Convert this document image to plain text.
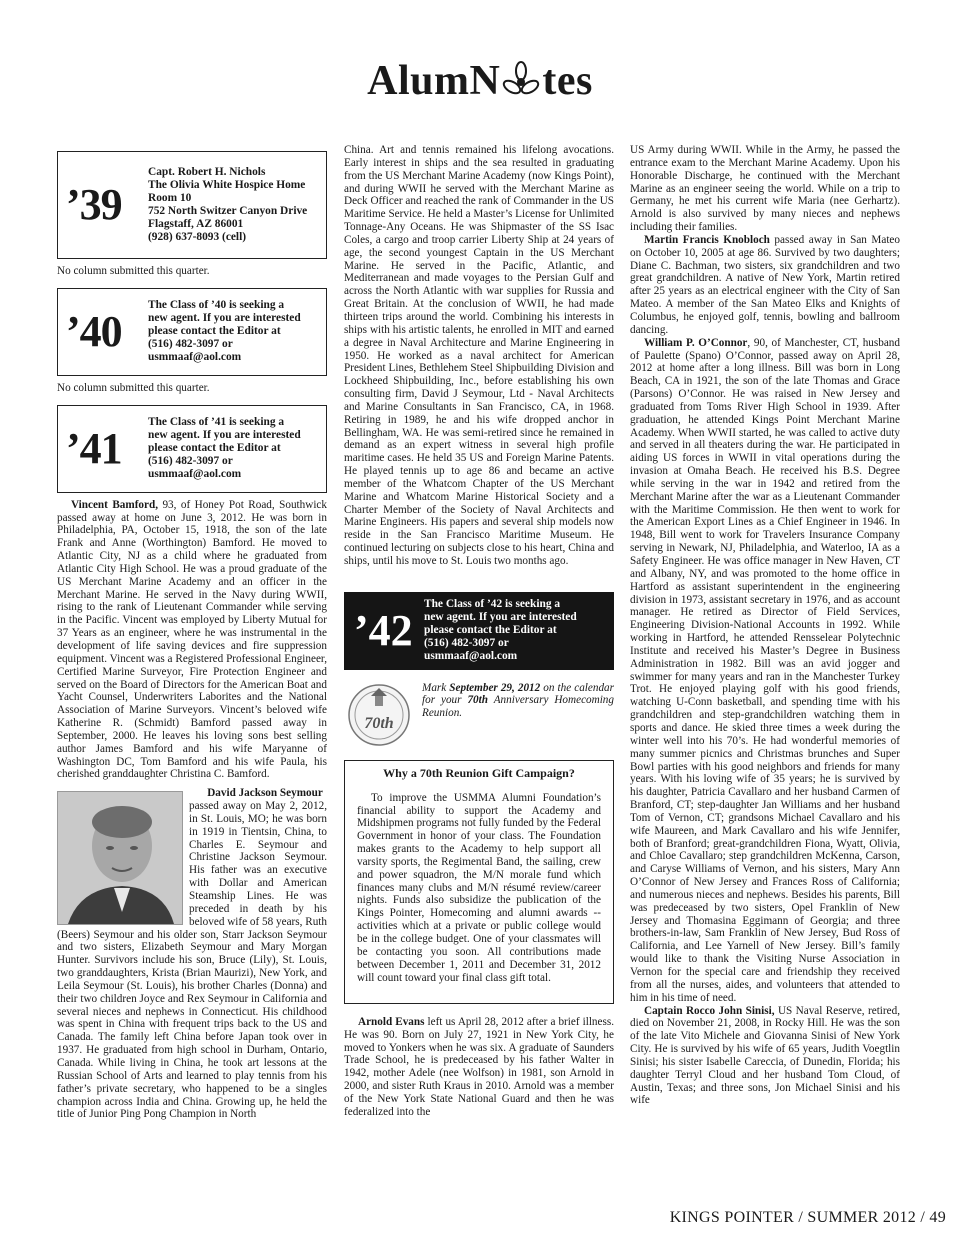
AlumN tes
’39
Capt. Robert H. Nichols
The Olivia White Hospice Home
Room 10
752 North Switzer Canyon Drive
Flagstaff, AZ 86001
(928) 637-8093 (cell)
No column submitted this quarter.
’40
The Class of ’40 is seeking a
new agent. If you are interested
please contact the Editor at
(516) 482-3097 or
usmmaaf@aol.com
No column submitted this quarter.
’41
The Class of ’41 is seeking a
new agent. If you are interested
please contact the Editor at
(516) 482-3097 or
usmmaaf@aol.com

Vincent Bamford, 93, of Honey Pot Road, Southwick passed away at home on June 3, 2012. He was born in Philadelphia, PA, October 15, 1918, the son of the late Frank and Anne (Worthington) Bamford. He moved to Atlantic City, NJ as a child where he graduated from Atlantic City High School. He was a proud graduate of the US Merchant Marine Academy and an officer in the Merchant Marine. He served in the Navy during WWII, rising to the rank of Lieutenant Commander while serving in the Pacific. Vincent was employed by Liberty Mutual for 37 Years as an engineer, where he was instrumental in the development of life saving devices and fire suppression equipment. Vincent was a Registered Professional Engineer, Certified Marine Surveyor, Fire Protection Engineer and served on the Board of Directors for the American Boat and Yacht Counsel, Underwriters Laborites and the National Association of Marine Surveyors. Vincent’s beloved wife Katherine R. (Schmidt) Bamford passed away in September, 2000. He leaves his loving sons best selling author James Bamford and his wife Maryanne of Washington DC, Tom Bamford and his wife Paula, his cherished granddaughter Christina C. Bamford.

David Jackson Seymour

passed away on May 2, 2012, in St. Louis, MO; he was born in 1919 in Tientsin, China, to Charles E. Seymour and Christine Jackson Seymour. His father was an executive with Dollar and American Steamship Lines. He was preceded in death by his beloved wife of 58 years, Ruth (Beers) Seymour and his older son, Starr Jackson Seymour and two sisters, Elizabeth Seymour and Mary Morgan Hunter. Survivors include his son, Bruce (Lily), St. Louis, two granddaughters, Krista (Brian Maurizi), New York, and Leila Seymour (St. Louis), his brother Charles (Donna) and their two children Joyce and Rex Seymour in California and several nieces and nephews in Connecticut. His childhood was spent in China with frequent trips back to the US and Canada. The family left China before Japan took over in 1937. He graduated from high school in Durham, Ontario, Canada. While living in China, he took art lessons at the Russian School of Arts and learned to play tennis from his father’s private secretary, who happened to be a singles champion across India and China. Growing up, he held the title of Junior Ping Pong Champion in North

China. Art and tennis remained his lifelong avocations. Early interest in ships and the sea resulted in graduating from the US Merchant Marine Academy (now Kings Point), and during WWII he served with the Merchant Marine as Deck Officer and reached the rank of Commander in the US Maritime Service. He held a Master’s License for Unlimited Tonnage-Any Oceans. He was Shipmaster of the SS Isac Coles, a cargo and troop carrier Liberty Ship at 24 years of age, the second youngest Captain in the US Merchant Marine. He served in the Pacific, Atlantic, and Mediterranean and made voyages to the Persian Gulf and across the North Atlantic with war supplies for Russia and Great Britain. At the conclusion of WWII, he had made thirteen trips around the world. Combining his interests in ships with his artistic talents, he enrolled in MIT and earned a degree in Naval Architecture and Marine Engineering in 1950. He worked as a naval architect for American President Lines, Bethlehem Steel Shipbuilding Division and Lockheed Shipbuilding, Inc., before establishing his own consulting firm, David J Seymour, Ltd - Naval Architects and Marine Consultants in San Francisco, CA, in 1968. Retiring in 1989, he and his wife dropped anchor in Bellingham, WA. He was semi-retired since he remained in demand as an expert witness in several high profile maritime cases. He held 35 US and Foreign Marine Patents. He played tennis up to age 86 and became an active member of the Whatcom Chapter of the US Merchant Marine and Whatcom Marine Historical Society and a Charter Member of the Society of Naval Architects and Marine Engineers. His papers and several ship models now reside in the San Francisco Maritime Museum. He continued lecturing on subjects close to his heart, China and ships, until his move to St. Louis two months ago.

’42
The Class of ’42 is seeking a
new agent. If you are interested
please contact the Editor at
(516) 482-3097 or
usmmaaf@aol.com
70th
Mark September 29, 2012 on the calendar for your 70th Anniversary Homecoming Reunion.
Why a 70th Reunion Gift Campaign?

To improve the USMMA Alumni Foundation’s financial ability to support the Academy and Midshipmen programs not fully funded by the Federal Government in honor of your class. The Foundation makes grants to the Academy to help support all varsity sports, the Regimental Band, the sailing, crew and power squadron, the M/N morale fund which finances many clubs and M/N résumé review/career nights. Funds also subsidize the publication of the Kings Pointer, Homecoming and alumni awards -- activities which at a private or public college would be in the college budget. One of your classmates will be contacting you soon. All contributions made between December 1, 2011 and December 31, 2012 will count toward your final class gift total.

Arnold Evans left us April 28, 2012 after a brief illness. He was 90. Born on July 27, 1921 in New York City, he moved to Yonkers when he was six. A graduate of Saunders Trade School, he is predeceased by his father Walter in 1942, mother Adele (nee Wolfson) in 1981, son Arnold in 2000, and sister Ruth Kraus in 2010. Arnold was a member of the New York State National Guard and then he was federalized into the

US Army during WWII. While in the Army, he passed the entrance exam to the Merchant Marine Academy. Upon his Honorable Discharge, he continued with the Merchant Marine as an engineer seeing the world. While on a trip to Germany, he met his current wife Maria (nee Gerhartz). Arnold is also survived by many nieces and nephews including their families.

Martin Francis Knobloch passed away in San Mateo on October 10, 2005 at age 86. Survived by two daughters; Diane C. Bachman, two sisters, six grandchildren and two great grandchildren. A native of New York, Martin retired after 25 years as an electrical engineer with the City of San Mateo. A member of the San Mateo Elks and Knights of Columbus, he enjoyed golf, tennis, bowling and ballroom dancing.

William P. O’Connor, 90, of Manchester, CT, husband of Paulette (Spano) O’Connor, passed away on April 28, 2012 at home after a long illness. Bill was born in Long Beach, CA in 1921, the son of the late Thomas and Grace (Parsons) O’Connor. He was raised in New Jersey and graduated from Toms River High School in 1939. After graduation, he attended Kings Point Merchant Marine Academy. When WWII started, he was called to active duty and served in all theaters during the war. He participated in aiding US forces in WWII in vital operations during the invasion at Omaha Beach. He received his B.S. Degree while serving in the war in 1942 and retired from the Merchant Marine after the war as a Lieutenant Commander with the Maritime Commission. He then went to work for the American Export Lines as a Chief Engineer in 1946. In 1948, Bill went to work for Travelers Insurance Company serving in Newark, NJ, Philadelphia, and Waterloo, IA as a Safety Engineer. He was office manager in New Haven, CT and Albany, NY, and was promoted to the home office in Hartford as assistant superintendent in the engineering division in 1973, assistant secretary in 1976, and as account manager. He retired as Director of Field Services, Engineering Division-National Accounts in 1992. While working in Hartford, he attended Rensselear Polytechnic Institute and received his Master’s Degree in Business Administration in 1982. Bill was an avid jogger and swimmer for many years and ran in the Manchester Turkey Trot. He enjoyed playing golf with his good friends, watching U-Conn basketball, and spending time with his grandchildren and step-grandchildren watching them in sports and dance. He skied three times a week during the winter well into his 70’s. He had wonderful memories of many summer picnics and Christmas brunches and Super Bowl parties with his good neighbors and friends for many years. With his loving wife of 35 years; he is survived by his daughter, Patricia Cavallaro and her husband Carmen of Branford, CT; step-daughter Jan Williams and her husband Tom of Vernon, CT; grandsons Michael Cavallaro and his wife Maureen, and Mark Cavallaro and his wife Jennifer, both of Branford; great-grandchildren Fiona, Wyatt, Olivia, and Chloe Cavallaro; step grandchildren McKenna, Carson, and Caryse Williams of Vernon, and his sisters, Mary Ann O’Connor of New Jersey and Frances Ross of California; and numerous nieces and nephews. Besides his parents, Bill was predeceased by two sisters, Opel Franklin of New Jersey and Thomasina Eggimann of Georgia; and three brothers-in-law, Sam Franklin of New Jersey, Bud Ross of California, and Lee Yarnell of New Jersey. Bill’s family would like to thank the Visiting Nurse Association in Vernon for the special care and friendship they received from all the nurses, aides, and volunteers that attended to him in his time of need.

Captain Rocco John Sinisi, US Naval Reserve, retired, died on November 21, 2008, in Rocky Hill. He was the son of the late Vito Michele and Giovanna Sinisi of New York City. He is survived by his wife of 65 years, Judith Voegtlin Sinisi; his sister Isabelle Careccia, of Dunedin, Florida; his daughter Terryl Cloud and her husband Tom Cloud, of Austin, Texas; and three sons, Jon Michael Sinisi and his wife

KINGS POINTER / SUMMER 2012 / 49
